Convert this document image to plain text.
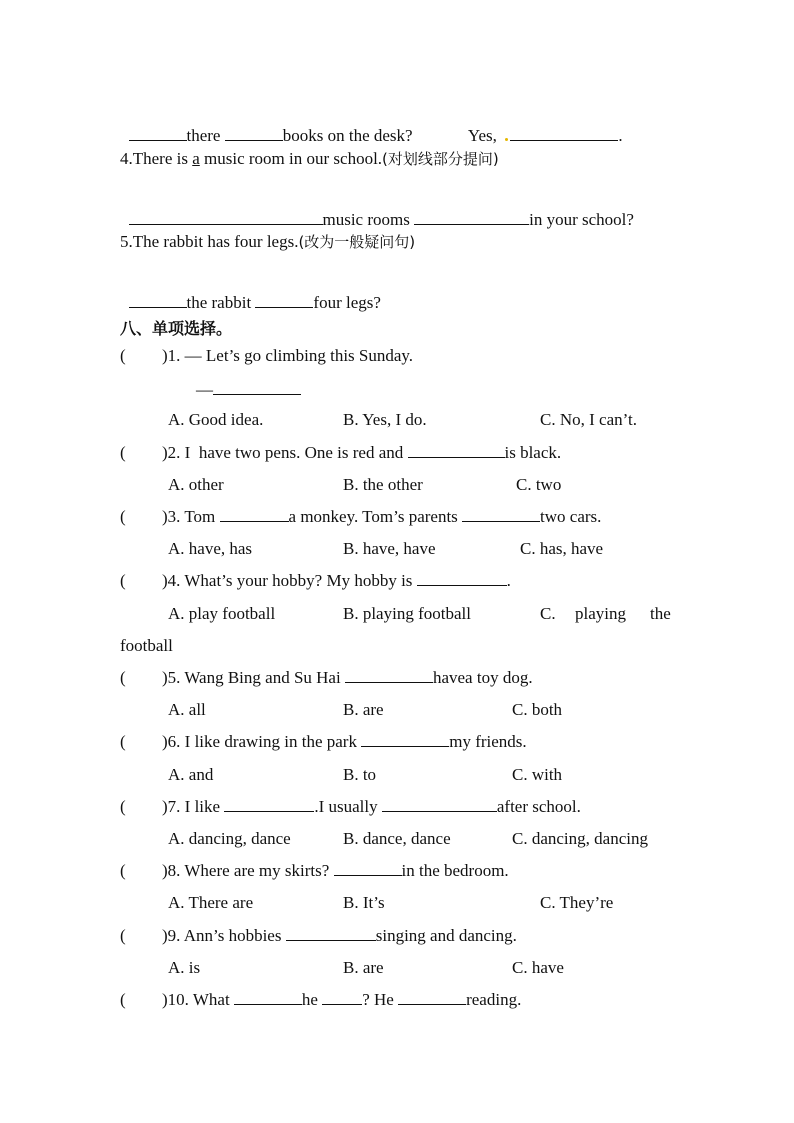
there	books on the desk?	Yes,	.

4.There is a music room in our school.(对划线部分提问)

music rooms	in your school?

5.The rabbit has four legs.(改为一般疑问句)

the rabbit	four legs?

八、单项选择。
( )1. — Let’s go climbing this Sunday.
—
A. Good idea.	B. Yes, I do.	C. No, I can’t.
( )2. I  have two pens. One is red and	is black.
A. other	B. the other	C. two
( )3. Tom	a monkey. Tom’s parents	two cars.
A. have, has	B. have, have	C. has, have
( )4. What’s your hobby? My hobby is	.
A. play football	B. playing football	C. playing the
football
( )5. Wang Bing and Su Hai	havea toy dog.
A. all	B. are	C. both
( )6. I like drawing in the park	my friends.
A. and	B. to	C. with
( )7. I like	.I usually	after school.
A. dancing, dance	B. dance, dance	C. dancing, dancing
( )8. Where are my skirts?	in the bedroom.
A. There are	B. It’s	C. They’re
( )9. Ann’s hobbies	singing and dancing.
A. is	B. are	C. have
( )10. What	he ? He	reading.
